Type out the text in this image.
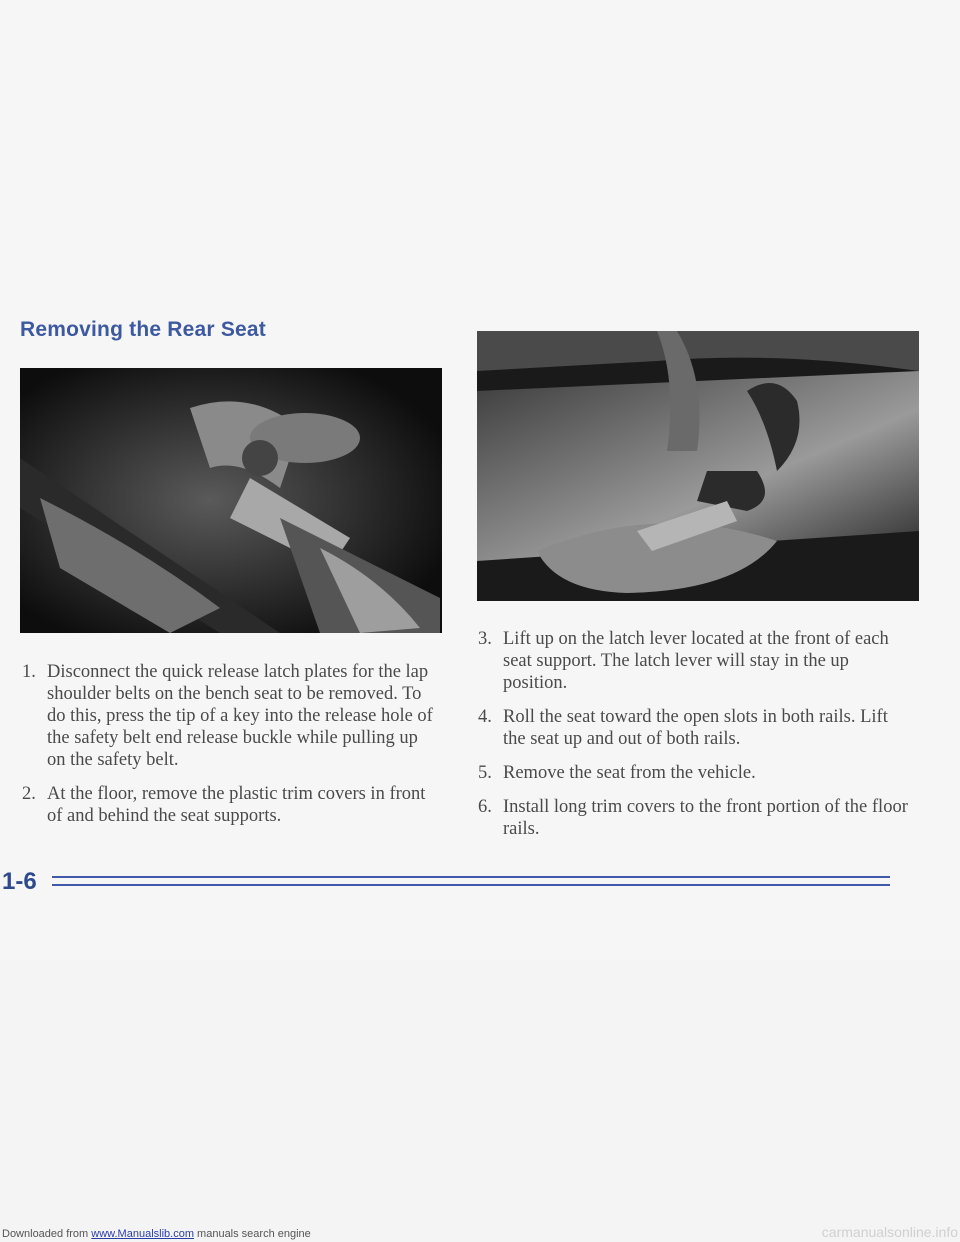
Removing the Rear Seat
1. Disconnect the quick release latch plates for the lap shoulder belts on the bench seat to be removed. To do this, press the tip of a key into the release hole of the safety belt end release buckle while pulling up on the safety belt.
2. At the floor, remove the plastic trim covers in front of and behind the seat supports.
3. Lift up on the latch lever located at the front of each seat support. The latch lever will stay in the up position.
4. Roll the seat toward the open slots in both rails. Lift the seat up and out of both rails.
5. Remove the seat from the vehicle.
6. Install long trim covers to the front portion of the floor rails.

1-6

Downloaded from www.Manualslib.com manuals search engine	carmanualsonline.info
